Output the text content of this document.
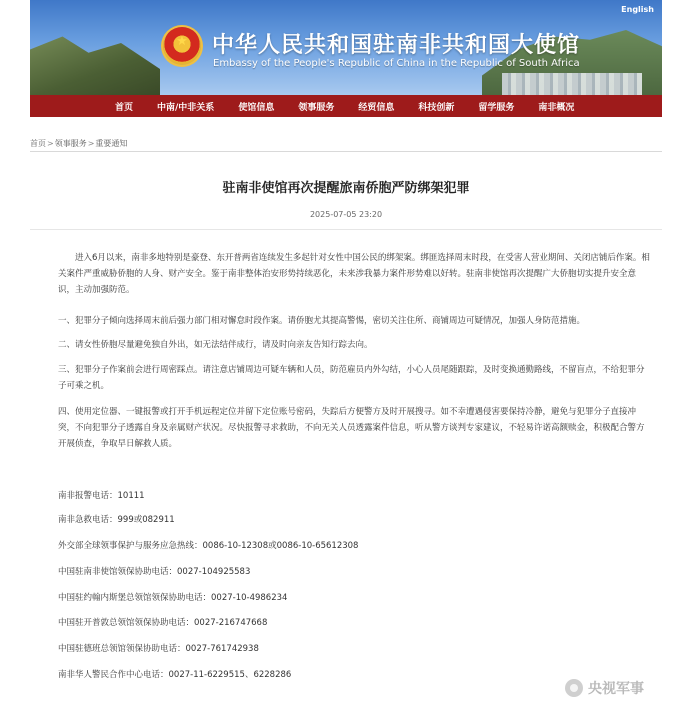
★	中华人民共和国驻南非共和国大使馆
Embassy of the People's Republic of China in the Republic of South Africa
English
首页	中南/中非关系	使馆信息	领事服务	经贸信息	科技创新	留学服务	南非概况
首页>领事服务>重要通知
驻南非使馆再次提醒旅南侨胞严防绑架犯罪
2025-07-05 23:20
进入6月以来，南非多地特别是豪登、东开普两省连续发生多起针对女性中国公民的绑架案。绑匪选择周末时段，在受害人营业期间、关闭店铺后作案。相关案件严重威胁侨胞的人身、财产安全。鉴于南非整体治安形势持续恶化，未来涉我暴力案件形势难以好转。驻南非使馆再次提醒广大侨胞切实提升安全意识，主动加强防范。
一、犯罪分子倾向选择周末前后强力部门相对懈怠时段作案。请侨胞尤其提高警惕，密切关注住所、商铺周边可疑情况，加强人身防范措施。
二、请女性侨胞尽量避免独自外出，如无法结伴成行，请及时向亲友告知行踪去向。
三、犯罪分子作案前会进行周密踩点。请注意店铺周边可疑车辆和人员，防范雇员内外勾结，小心人员尾随跟踪，及时变换通勤路线，不留盲点，不给犯罪分子可乘之机。
四、使用定位器、一键报警或打开手机远程定位并留下定位账号密码，失踪后方便警方及时开展搜寻。如不幸遭遇侵害要保持冷静，避免与犯罪分子直接冲突，不向犯罪分子透露自身及亲属财产状况。尽快报警寻求救助，不向无关人员透露案件信息，听从警方谈判专家建议，不轻易许诺高额赎金，积极配合警方开展侦查，争取早日解救人质。
南非报警电话：10111
南非急救电话：999或082911
外交部全球领事保护与服务应急热线：0086-10-12308或0086-10-65612308
中国驻南非使馆领保协助电话：0027-104925583
中国驻约翰内斯堡总领馆领保协助电话：0027-10-4986234
中国驻开普敦总领馆领保协助电话：0027-216747668
中国驻德班总领馆领保协助电话：0027-761742938
南非华人警民合作中心电话：0027-11-6229515、6228286
央视军事
